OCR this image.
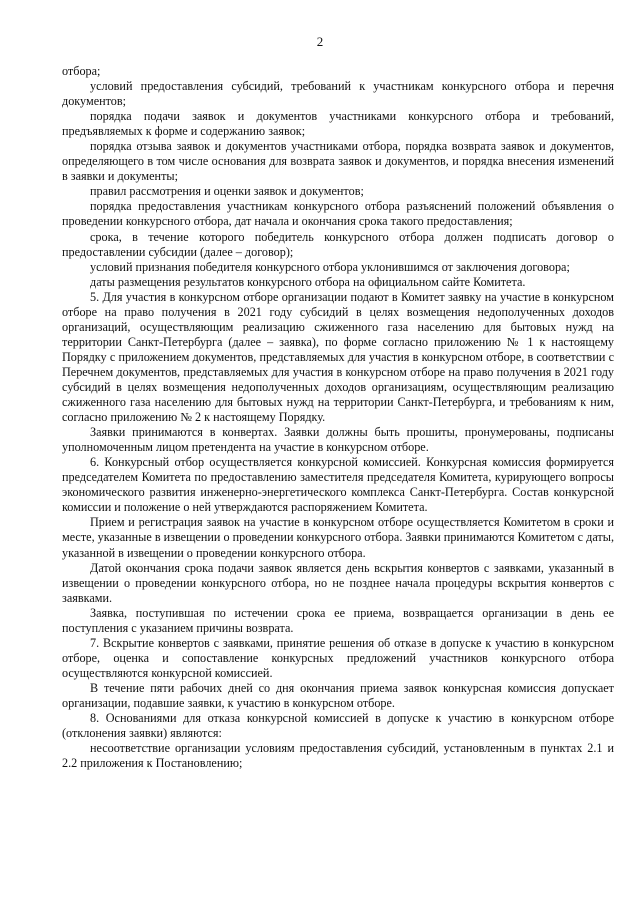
2

отбора;

условий предоставления субсидий, требований к участникам конкурсного отбора и перечня документов;

порядка подачи заявок и документов участниками конкурсного отбора и требований, предъявляемых к форме и содержанию заявок;

порядка отзыва заявок и документов участниками отбора, порядка возврата заявок и документов, определяющего в том числе основания для возврата заявок и документов, и порядка внесения изменений в заявки и документы;

правил рассмотрения и оценки заявок и документов;

порядка предоставления участникам конкурсного отбора разъяснений положений объявления о проведении конкурсного отбора, дат начала и окончания срока такого предоставления;

срока, в течение которого победитель конкурсного отбора должен подписать договор о предоставлении субсидии (далее – договор);

условий признания победителя конкурсного отбора уклонившимся от заключения договора;

даты размещения результатов конкурсного отбора на официальном сайте Комитета.

5. Для участия в конкурсном отборе организации подают в Комитет заявку на участие в конкурсном отборе на право получения в 2021 году субсидий в целях возмещения недополученных доходов организаций, осуществляющим реализацию сжиженного газа населению для бытовых нужд на территории Санкт-Петербурга (далее – заявка), по форме согласно приложению № 1 к настоящему Порядку с приложением документов, представляемых для участия в конкурсном отборе, в соответствии с Перечнем документов, представляемых для участия в конкурсном отборе на право получения в 2021 году субсидий в целях возмещения недополученных доходов организациям, осуществляющим реализацию сжиженного газа населению для бытовых нужд на территории Санкт-Петербурга, и требованиям к ним, согласно приложению № 2 к настоящему Порядку.

Заявки принимаются в конвертах. Заявки должны быть прошиты, пронумерованы, подписаны уполномоченным лицом претендента на участие в конкурсном отборе.

6. Конкурсный отбор осуществляется конкурсной комиссией. Конкурсная комиссия формируется председателем Комитета по предоставлению заместителя председателя Комитета, курирующего вопросы экономического развития инженерно-энергетического комплекса Санкт-Петербурга. Состав конкурсной комиссии и положение о ней утверждаются распоряжением Комитета.

Прием и регистрация заявок на участие в конкурсном отборе осуществляется Комитетом в сроки и месте, указанные в извещении о проведении конкурсного отбора. Заявки принимаются Комитетом с даты, указанной в извещении о проведении конкурсного отбора.

Датой окончания срока подачи заявок является день вскрытия конвертов с заявками, указанный в извещении о проведении конкурсного отбора, но не позднее начала процедуры вскрытия конвертов с заявками.

Заявка, поступившая по истечении срока ее приема, возвращается организации в день ее поступления с указанием причины возврата.

7. Вскрытие конвертов с заявками, принятие решения об отказе в допуске к участию в конкурсном отборе, оценка и сопоставление конкурсных предложений участников конкурсного отбора осуществляются конкурсной комиссией.

В течение пяти рабочих дней со дня окончания приема заявок конкурсная комиссия допускает организации, подавшие заявки, к участию в конкурсном отборе.

8. Основаниями для отказа конкурсной комиссией в допуске к участию в конкурсном отборе (отклонения заявки) являются:

несоответствие организации условиям предоставления субсидий, установленным в пунктах 2.1 и 2.2 приложения к Постановлению;
